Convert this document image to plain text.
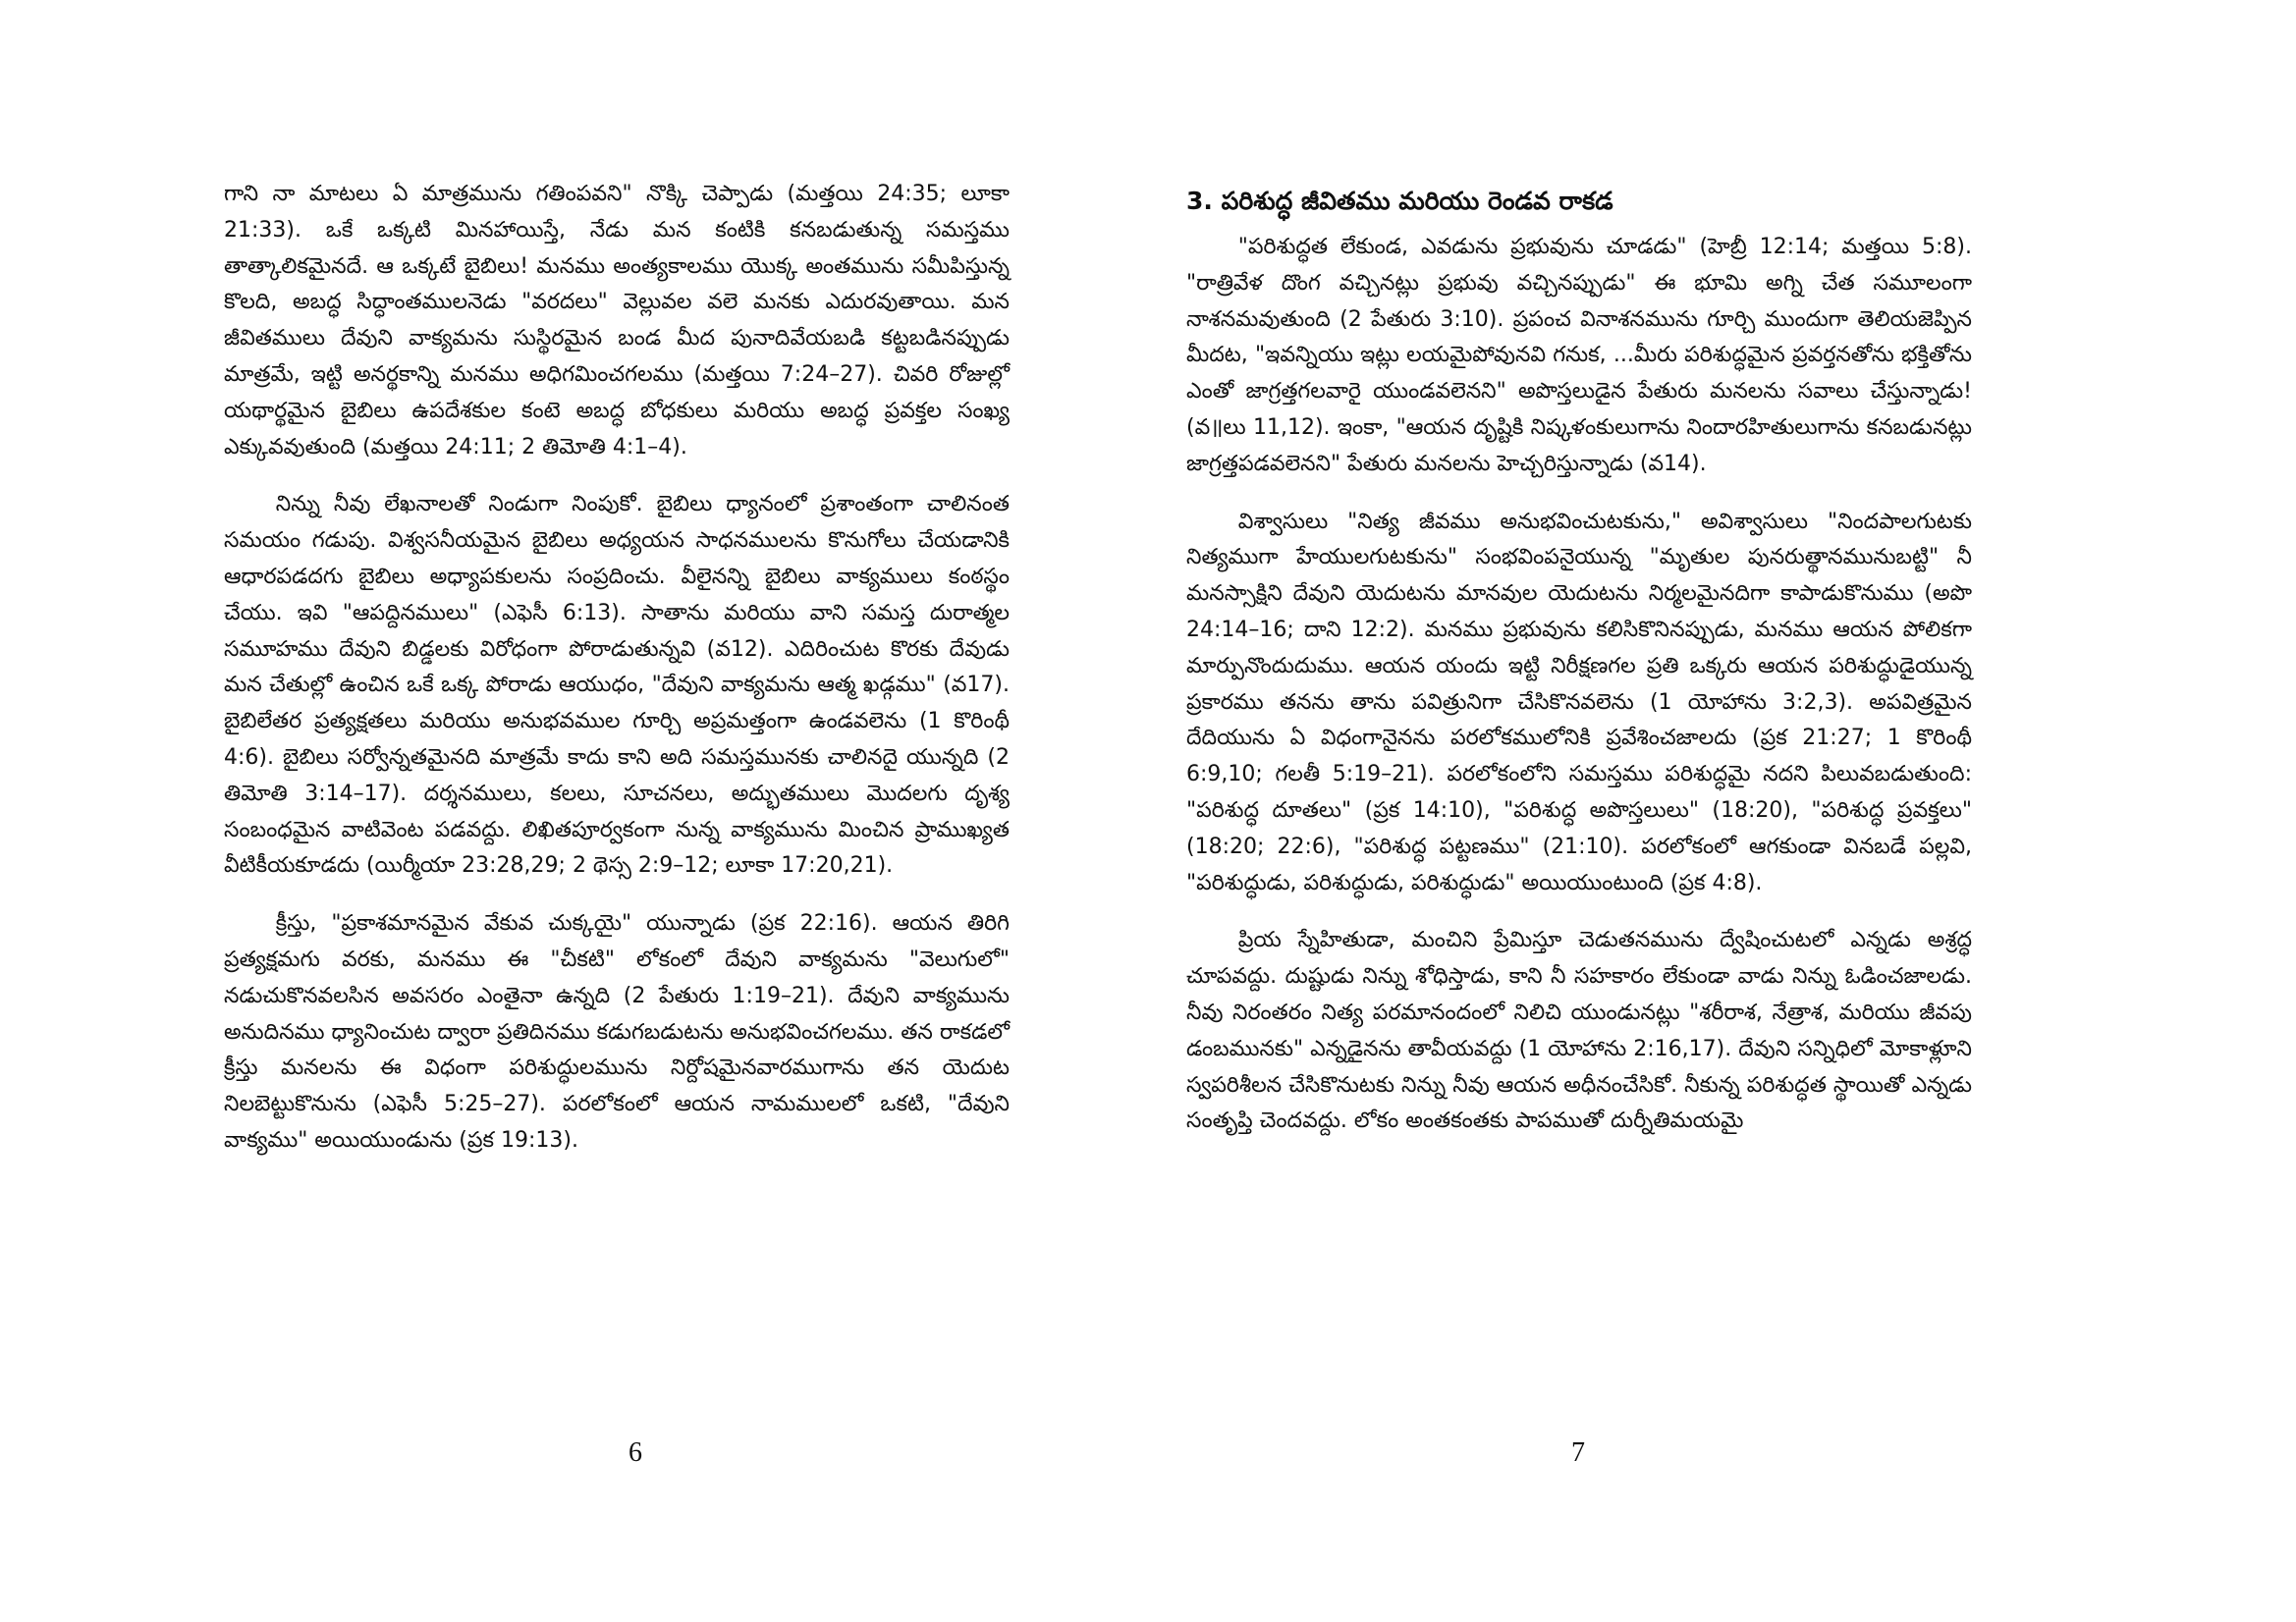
గాని నా మాటలు ఏ మాత్రమును గతింపవని" నొక్కి చెప్పాడు (మత్తయి 24:35; లూకా 21:33). ఒకే ఒక్కటి మినహాయిస్తే, నేడు మన కంటికి కనబడుతున్న సమస్తము తాత్కాలికమైనదే. ఆ ఒక్కటే బైబిలు! మనము అంత్యకాలము యొక్క అంతమును సమీపిస్తున్న కొలది, అబద్ధ సిద్ధాంతములనెడు "వరదలు" వెల్లువల వలె మనకు ఎదురవుతాయి. మన జీవితములు దేవుని వాక్యమను సుస్థిరమైన బండ మీద పునాదివేయబడి కట్టబడినప్పుడు మాత్రమే, ఇట్టి అనర్థకాన్ని మనము అధిగమించగలము (మత్తయి 7:24–27). చివరి రోజుల్లో యథార్థమైన బైబిలు ఉపదేశకుల కంటె అబద్ధ బోధకులు మరియు అబద్ధ ప్రవక్తల సంఖ్య ఎక్కువవుతుంది (మత్తయి 24:11; 2 తిమోతి 4:1–4).

నిన్ను నీవు లేఖనాలతో నిండుగా నింపుకో. బైబిలు ధ్యానంలో ప్రశాంతంగా చాలినంత సమయం గడుపు. విశ్వసనీయమైన బైబిలు అధ్యయన సాధనములను కొనుగోలు చేయడానికి ఆధారపడదగు బైబిలు అధ్యాపకులను సంప్రదించు. వీలైనన్ని బైబిలు వాక్యములు కంఠస్థం చేయు. ఇవి "ఆపద్దినములు" (ఎఫెసీ 6:13). సాతాను మరియు వాని సమస్త దురాత్మల సమూహము దేవుని బిడ్డలకు విరోధంగా పోరాడుతున్నవి (వ12). ఎదిరించుట కొరకు దేవుడు మన చేతుల్లో ఉంచిన ఒకే ఒక్క పోరాడు ఆయుధం, "దేవుని వాక్యమను ఆత్మ ఖడ్గము" (వ17). బైబిలేతర ప్రత్యక్షతలు మరియు అనుభవముల గూర్చి అప్రమత్తంగా ఉండవలెను (1 కొరింథీ 4:6). బైబిలు సర్వోన్నతమైనది మాత్రమే కాదు కాని అది సమస్తమునకు చాలినదై యున్నది (2 తిమోతి 3:14–17). దర్శనములు, కలలు, సూచనలు, అద్భుతములు మొదలగు దృశ్య సంబంధమైన వాటివెంట పడవద్దు. లిఖితపూర్వకంగా నున్న వాక్యమును మించిన ప్రాముఖ్యత వీటికీయకూడదు (యిర్మీయా 23:28,29; 2 థెస్స 2:9–12; లూకా 17:20,21).

క్రీస్తు, "ప్రకాశమానమైన వేకువ చుక్కయై" యున్నాడు (ప్రక 22:16). ఆయన తిరిగి ప్రత్యక్షమగు వరకు, మనము ఈ "చీకటి" లోకంలో దేవుని వాక్యమను "వెలుగులో" నడుచుకొనవలసిన అవసరం ఎంతైనా ఉన్నది (2 పేతురు 1:19–21). దేవుని వాక్యమును అనుదినము ధ్యానించుట ద్వారా ప్రతిదినము కడుగబడుటను అనుభవించగలము. తన రాకడలో క్రీస్తు మనలను ఈ విధంగా పరిశుద్ధులమును నిర్దోషమైనవారముగాను తన యెదుట నిలబెట్టుకొనును (ఎఫెసీ 5:25–27). పరలోకంలో ఆయన నామములలో ఒకటి, "దేవుని వాక్యము" అయియుండును (ప్రక 19:13).

3. పరిశుద్ధ జీవితము మరియు రెండవ రాకడ

"పరిశుద్ధత లేకుండ, ఎవడును ప్రభువును చూడడు" (హెబ్రీ 12:14; మత్తయి 5:8). "రాత్రివేళ దొంగ వచ్చినట్లు ప్రభువు వచ్చినప్పుడు" ఈ భూమి అగ్ని చేత సమూలంగా నాశనమవుతుంది (2 పేతురు 3:10). ప్రపంచ వినాశనమును గూర్చి ముందుగా తెలియజెప్పిన మీదట, "ఇవన్నియు ఇట్లు లయమైపోవునవి గనుక, ...మీరు పరిశుద్ధమైన ప్రవర్తనతోను భక్తితోను ఎంతో జాగ్రత్తగలవారై యుండవలెనని" అపొస్తలుడైన పేతురు మనలను సవాలు చేస్తున్నాడు! (వ॥లు 11,12). ఇంకా, "ఆయన దృష్టికి నిష్కళంకులుగాను నిందారహితులుగాను కనబడునట్లు జాగ్రత్తపడవలెనని" పేతురు మనలను హెచ్చరిస్తున్నాడు (వ14).

విశ్వాసులు "నిత్య జీవము అనుభవించుటకును," అవిశ్వాసులు "నిందపాలగుటకు నిత్యముగా హేయులగుటకును" సంభవింపనైయున్న "మృతుల పునరుత్థానమునుబట్టి" నీ మనస్సాక్షిని దేవుని యెదుటను మానవుల యెదుటను నిర్మలమైనదిగా కాపాడుకొనుము (అపొ 24:14–16; దాని 12:2). మనము ప్రభువును కలిసికొనినప్పుడు, మనము ఆయన పోలికగా మార్పునొందుదుము. ఆయన యందు ఇట్టి నిరీక్షణగల ప్రతి ఒక్కరు ఆయన పరిశుద్ధుడైయున్న ప్రకారము తనను తాను పవిత్రునిగా చేసికొనవలెను (1 యోహాను 3:2,3). అపవిత్రమైన దేదియును ఏ విధంగానైనను పరలోకములోనికి ప్రవేశించజాలదు (ప్రక 21:27; 1 కొరింథీ 6:9,10; గలతీ 5:19–21). పరలోకంలోని సమస్తము పరిశుద్ధమై నదని పిలువబడుతుంది: "పరిశుద్ధ దూతలు" (ప్రక 14:10), "పరిశుద్ధ అపొస్తలులు" (18:20), "పరిశుద్ధ ప్రవక్తలు" (18:20; 22:6), "పరిశుద్ధ పట్టణము" (21:10). పరలోకంలో ఆగకుండా వినబడే పల్లవి, "పరిశుద్ధుడు, పరిశుద్ధుడు, పరిశుద్ధుడు" అయియుంటుంది (ప్రక 4:8).

ప్రియ స్నేహితుడా, మంచిని ప్రేమిస్తూ చెడుతనమును ద్వేషించుటలో ఎన్నడు అశ్రద్ధ చూపవద్దు. దుష్టుడు నిన్ను శోధిస్తాడు, కాని నీ సహకారం లేకుండా వాడు నిన్ను ఓడించజాలడు. నీవు నిరంతరం నిత్య పరమానందంలో నిలిచి యుండునట్లు "శరీరాశ, నేత్రాశ, మరియు జీవపు డంబమునకు" ఎన్నడైనను తావీయవద్దు (1 యోహాను 2:16,17). దేవుని సన్నిధిలో మోకాళ్లూని స్వపరిశీలన చేసికొనుటకు నిన్ను నీవు ఆయన అధీనంచేసికో. నీకున్న పరిశుద్ధత స్థాయితో ఎన్నడు సంతృప్తి చెందవద్దు. లోకం అంతకంతకు పాపముతో దుర్నీతిమయమై

6	7
